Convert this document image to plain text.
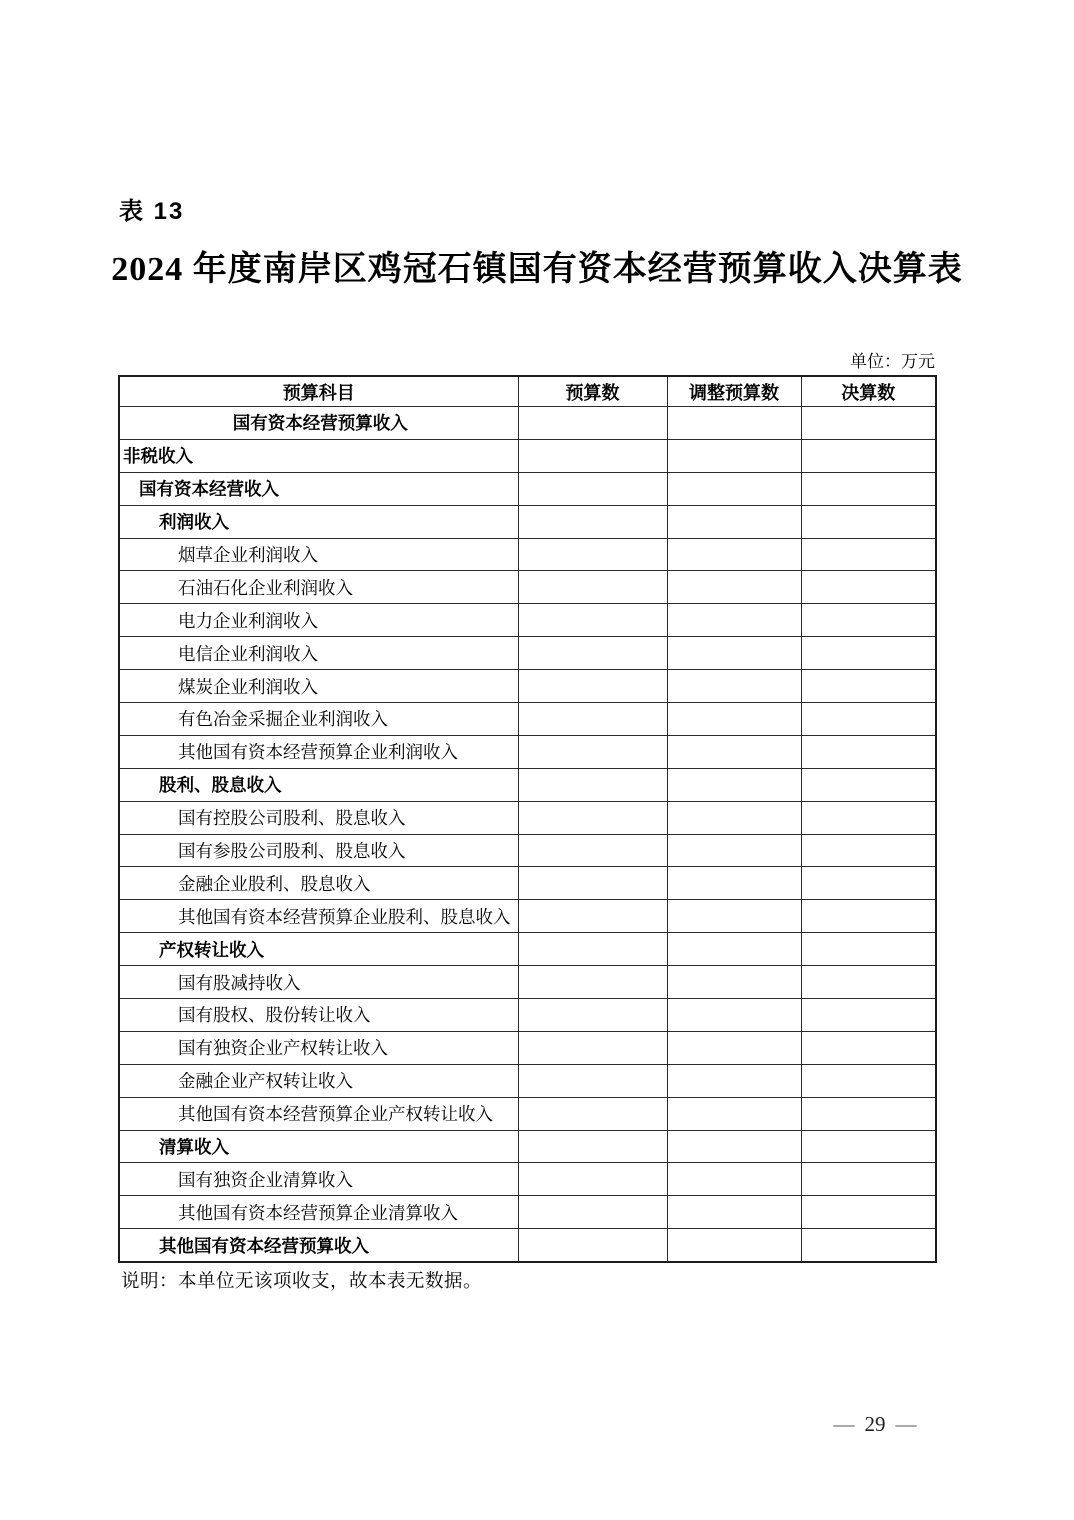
表 13
2024 年度南岸区鸡冠石镇国有资本经营预算收入决算表
单位：万元
预算科目	预算数	调整预算数	决算数
国有资本经营预算收入			
非税收入			
国有资本经营收入			
利润收入			
烟草企业利润收入			
石油石化企业利润收入			
电力企业利润收入			
电信企业利润收入			
煤炭企业利润收入			
有色冶金采掘企业利润收入			
其他国有资本经营预算企业利润收入			
股利、股息收入			
国有控股公司股利、股息收入			
国有参股公司股利、股息收入			
金融企业股利、股息收入			
其他国有资本经营预算企业股利、股息收入			
产权转让收入			
国有股减持收入			
国有股权、股份转让收入			
国有独资企业产权转让收入			
金融企业产权转让收入			
其他国有资本经营预算企业产权转让收入			
清算收入			
国有独资企业清算收入			
其他国有资本经营预算企业清算收入			
其他国有资本经营预算收入			
说明：本单位无该项收支，故本表无数据。
— 29 —
